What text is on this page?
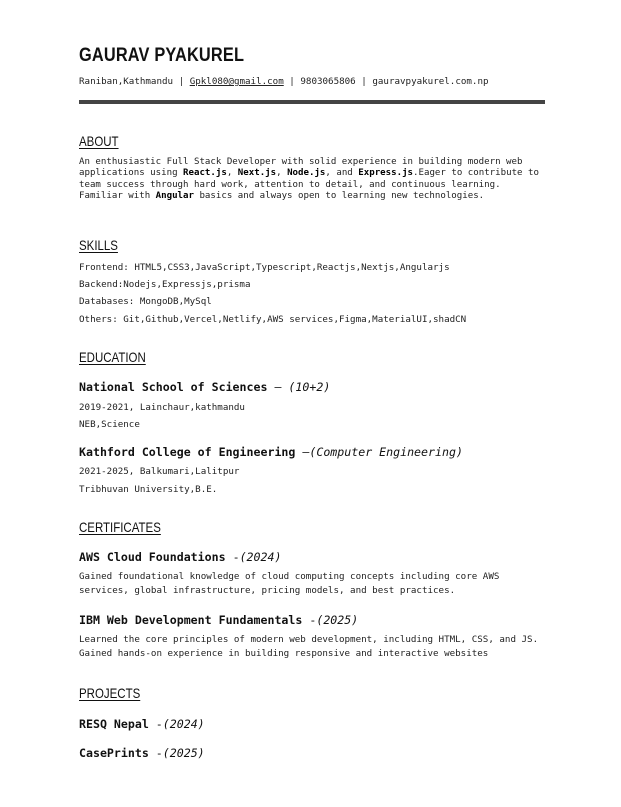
GAURAV PYAKUREL
Raniban,Kathmandu | Gpkl080@gmail.com | 9803065806 | gauravpyakurel.com.np
ABOUT
An enthusiastic Full Stack Developer with solid experience in building modern web applications using React.js, Next.js, Node.js, and Express.js.Eager to contribute to team success through hard work, attention to detail, and continuous learning. Familiar with Angular basics and always open to learning new technologies.
SKILLS
Frontend: HTML5,CSS3,JavaScript,Typescript,Reactjs,Nextjs,Angularjs
Backend:Nodejs,Expressjs,prisma
Databases: MongoDB,MySql
Others: Git,Github,Vercel,Netlify,AWS services,Figma,MaterialUI,shadCN
EDUCATION
National School of Sciences — (10+2)
2019-2021, Lainchaur,kathmandu
NEB,Science
Kathford College of Engineering —(Computer Engineering)
2021-2025, Balkumari,Lalitpur
Tribhuvan University,B.E.
CERTIFICATES
AWS Cloud Foundations -(2024)
Gained foundational knowledge of cloud computing concepts including core AWS services, global infrastructure, pricing models, and best practices.
IBM Web Development Fundamentals -(2025)
Learned the core principles of modern web development, including HTML, CSS, and JS. Gained hands-on experience in building responsive and interactive websites
PROJECTS
RESQ Nepal -(2024)
CasePrints -(2025)
